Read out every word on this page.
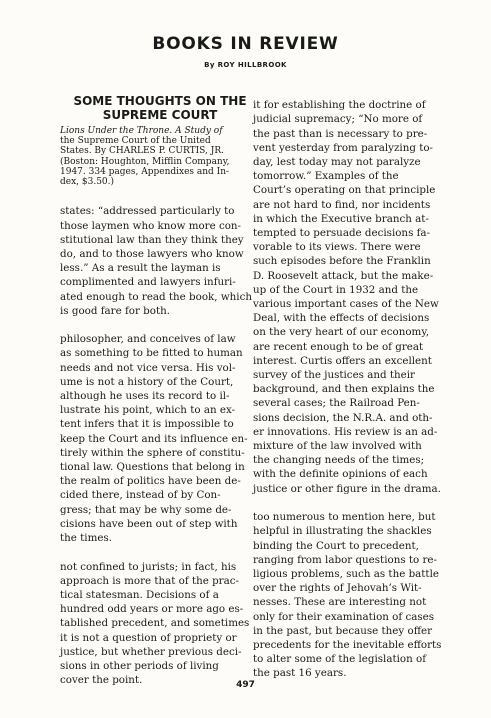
BOOKS IN REVIEW
By ROY HILLBROOK
SOME THOUGHTS ON THE
SUPREME COURT
Lions Under the Throne. A Study of
the Supreme Court of the United
States. By CHARLES P. CURTIS, JR.
(Boston: Houghton, Mifflin Company,
1947. 334 pages, Appendixes and In-
dex, $3.50.)
states: “addressed particularly to
those laymen who know more con-
stitutional law than they think they
do, and to those lawyers who know
less.” As a result the layman is
complimented and lawyers infuri-
ated enough to read the book, which
is good fare for both.
philosopher, and conceives of law
as something to be fitted to human
needs and not vice versa. His vol-
ume is not a history of the Court,
although he uses its record to il-
lustrate his point, which to an ex-
tent infers that it is impossible to
keep the Court and its influence en-
tirely within the sphere of constitu-
tional law. Questions that belong in
the realm of politics have been de-
cided there, instead of by Con-
gress; that may be why some de-
cisions have been out of step with
the times.
not confined to jurists; in fact, his
approach is more that of the prac-
tical statesman. Decisions of a
hundred odd years or more ago es-
tablished precedent, and sometimes
it is not a question of propriety or
justice, but whether previous deci-
sions in other periods of living
cover the point.
it for establishing the doctrine of
judicial supremacy; “No more of
the past than is necessary to pre-
vent yesterday from paralyzing to-
day, lest today may not paralyze
tomorrow.” Examples of the
Court’s operating on that principle
are not hard to find, nor incidents
in which the Executive branch at-
tempted to persuade decisions fa-
vorable to its views. There were
such episodes before the Franklin
D. Roosevelt attack, but the make-
up of the Court in 1932 and the
various important cases of the New
Deal, with the effects of decisions
on the very heart of our economy,
are recent enough to be of great
interest. Curtis offers an excellent
survey of the justices and their
background, and then explains the
several cases; the Railroad Pen-
sions decision, the N.R.A. and oth-
er innovations. His review is an ad-
mixture of the law involved with
the changing needs of the times;
with the definite opinions of each
justice or other figure in the drama.
too numerous to mention here, but
helpful in illustrating the shackles
binding the Court to precedent,
ranging from labor questions to re-
ligious problems, such as the battle
over the rights of Jehovah’s Wit-
nesses. These are interesting not
only for their examination of cases
in the past, but because they offer
precedents for the inevitable efforts
to alter some of the legislation of
the past 16 years.
497
